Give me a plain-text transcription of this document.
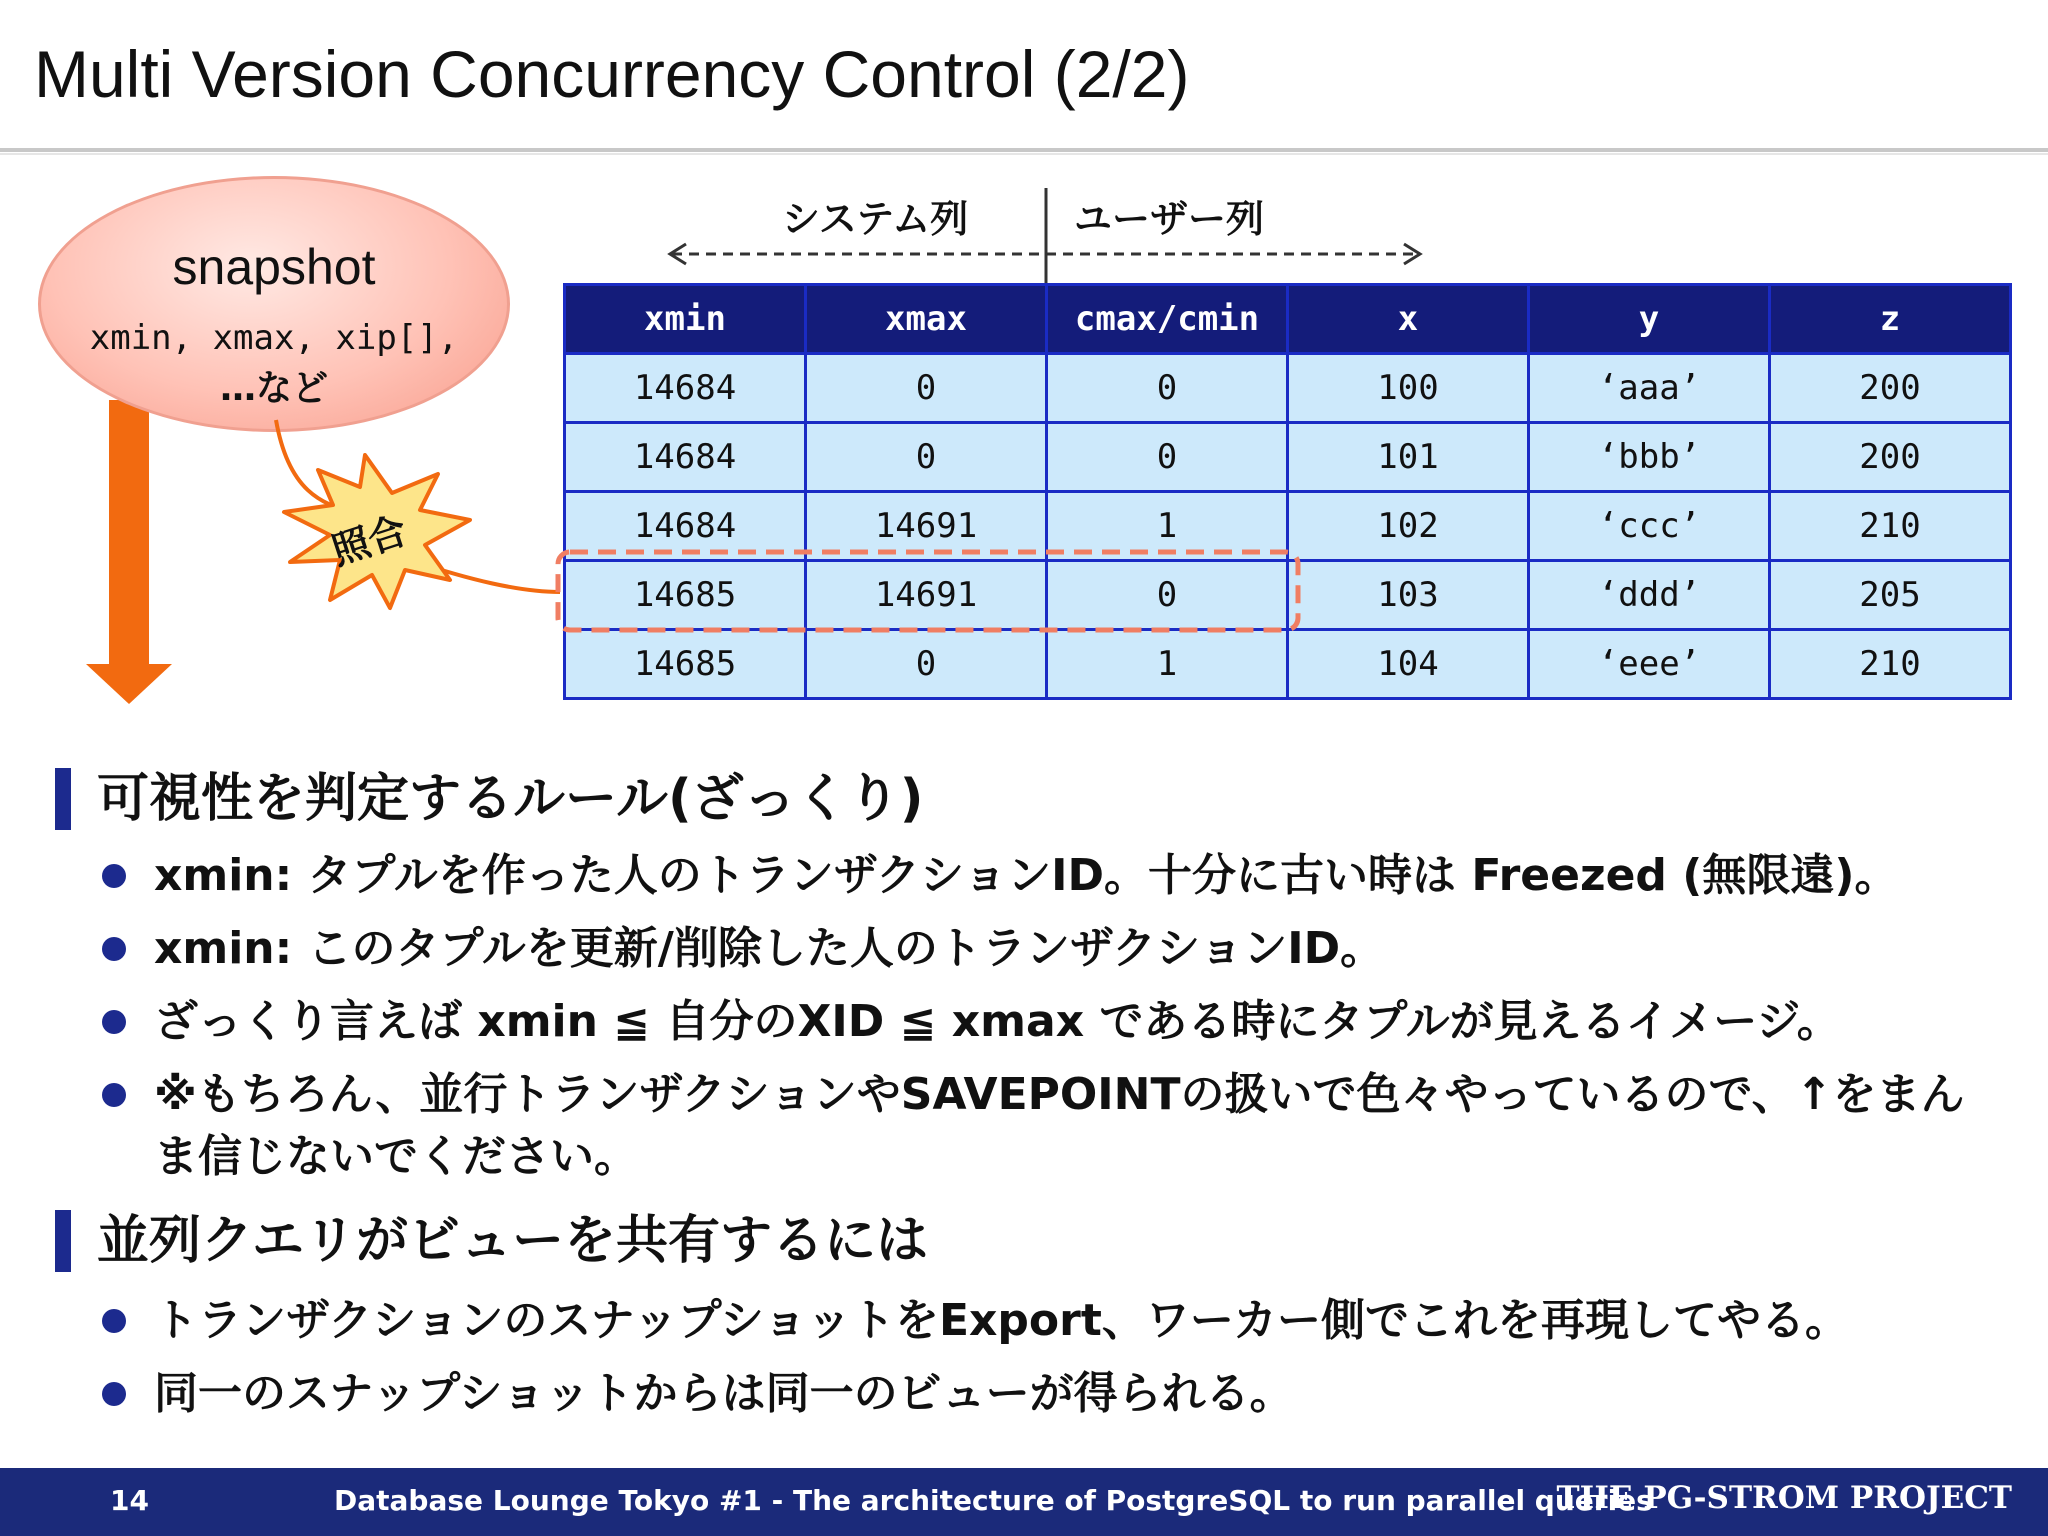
Multi Version Concurrency Control (2/2)
システム列	ユーザー列
snapshot
xmin, xmax, xip[],
…など
照合
xmin	xmax	cmax/cmin	x	y	z
14684	0	0	100	‘aaa’	200
14684	0	0	101	‘bbb’	200
14684	14691	1	102	‘ccc’	210
14685	14691	0	103	‘ddd’	205
14685	0	1	104	‘eee’	210
可視性を判定するルール(ざっくり)
xmin: タプルを作った人のトランザクションID。十分に古い時は Freezed (無限遠)。
xmin: このタプルを更新/削除した人のトランザクションID。
ざっくり言えば xmin ≦ 自分のXID ≦ xmax である時にタプルが見えるイメージ。
※もちろん、並行トランザクションやSAVEPOINTの扱いで色々やっているので、↑をまんま信じないでください。
並列クエリがビューを共有するには
トランザクションのスナップショットをExport、ワーカー側でこれを再現してやる。
同一のスナップショットからは同一のビューが得られる。
14	Database Lounge Tokyo #1 - The architecture of PostgreSQL to run parallel queries
THE PG-STROM PROJECT
